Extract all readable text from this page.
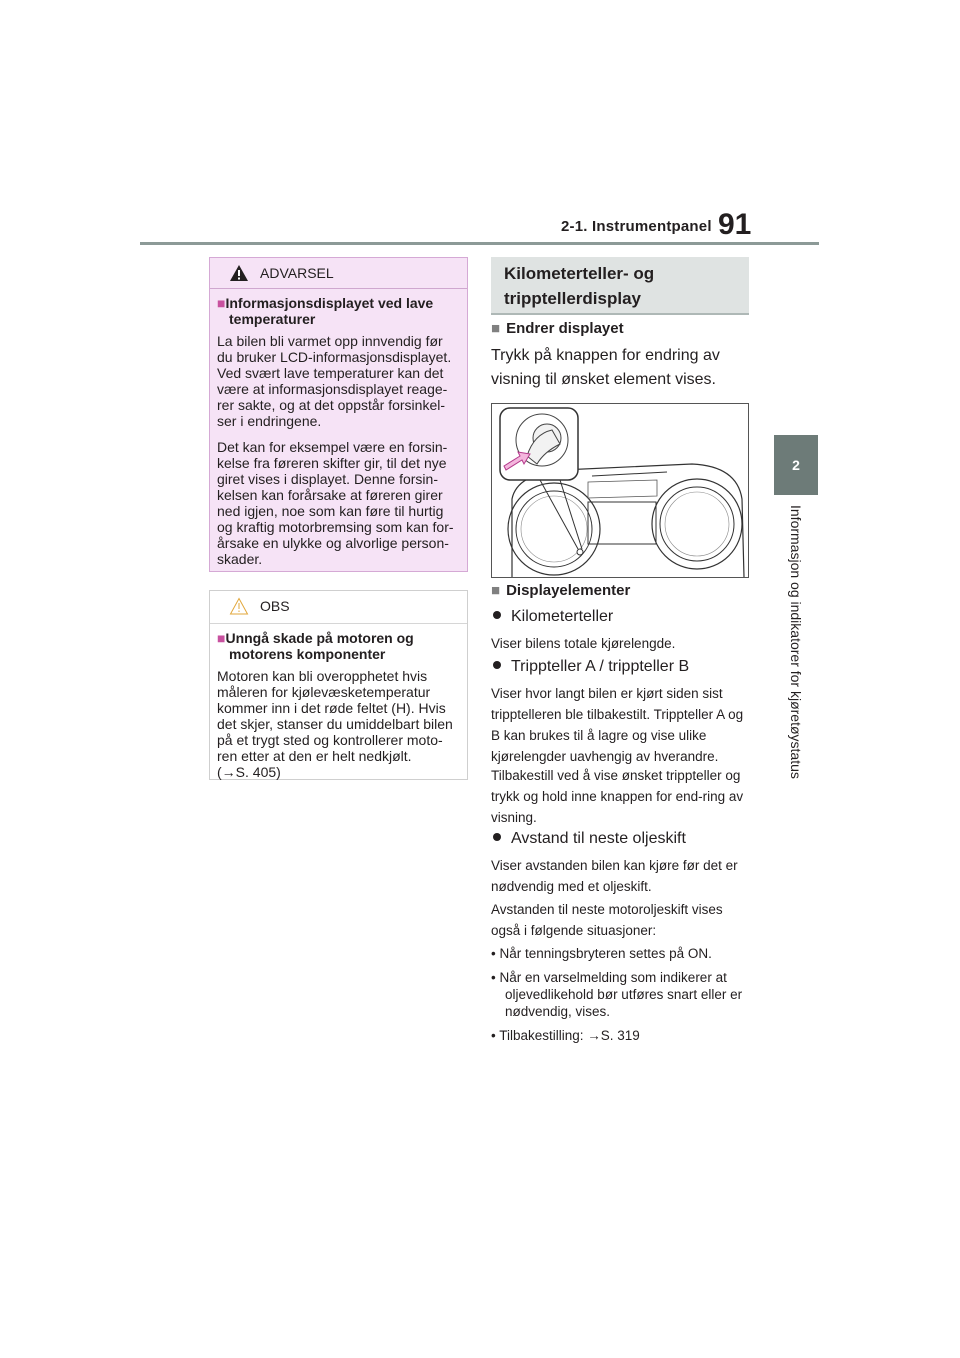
2-1. Instrumentpanel 91
2
Informasjon og indikatorer for kjøretøystatus
ADVARSEL
■Informasjonsdisplayet ved lave temperaturer
La bilen bli varmet opp innvendig før du bruker LCD-informasjonsdisplayet. Ved svært lave temperaturer kan det være at informasjonsdisplayet reage-rer sakte, og at det oppstår forsinkel-ser i endringene.
Det kan for eksempel være en forsin-kelse fra føreren skifter gir, til det nye giret vises i displayet. Denne forsin-kelsen kan forårsake at føreren girer ned igjen, noe som kan føre til hurtig og kraftig motorbremsing som kan for-årsake en ulykke og alvorlige person-skader.
OBS
■Unngå skade på motoren og motorens komponenter
Motoren kan bli overopphetet hvis måleren for kjølevæsketemperatur kommer inn i det røde feltet (H). Hvis det skjer, stanser du umiddelbart bilen på et trygt sted og kontrollerer moto-ren etter at den er helt nedkjølt.
(→S. 405)
Kilometerteller- og tripptellerdisplay
■ Endrer displayet
Trykk på knappen for endring av visning til ønsket element vises.
■ Displayelementer
Kilometerteller
Viser bilens totale kjørelengde.
Trippteller A / trippteller B
Viser hvor langt bilen er kjørt siden sist tripptelleren ble tilbakestilt. Trippteller A og B kan brukes til å lagre og vise ulike kjørelengder uavhengig av hverandre.
Tilbakestill ved å vise ønsket trippteller og trykk og hold inne knappen for end-ring av visning.
Avstand til neste oljeskift
Viser avstanden bilen kan kjøre før det er nødvendig med et oljeskift.
Avstanden til neste motoroljeskift vises også i følgende situasjoner:
• Når tenningsbryteren settes på ON.
• Når en varselmelding som indikerer at oljevedlikehold bør utføres snart eller er nødvendig, vises.
• Tilbakestilling: →S. 319
